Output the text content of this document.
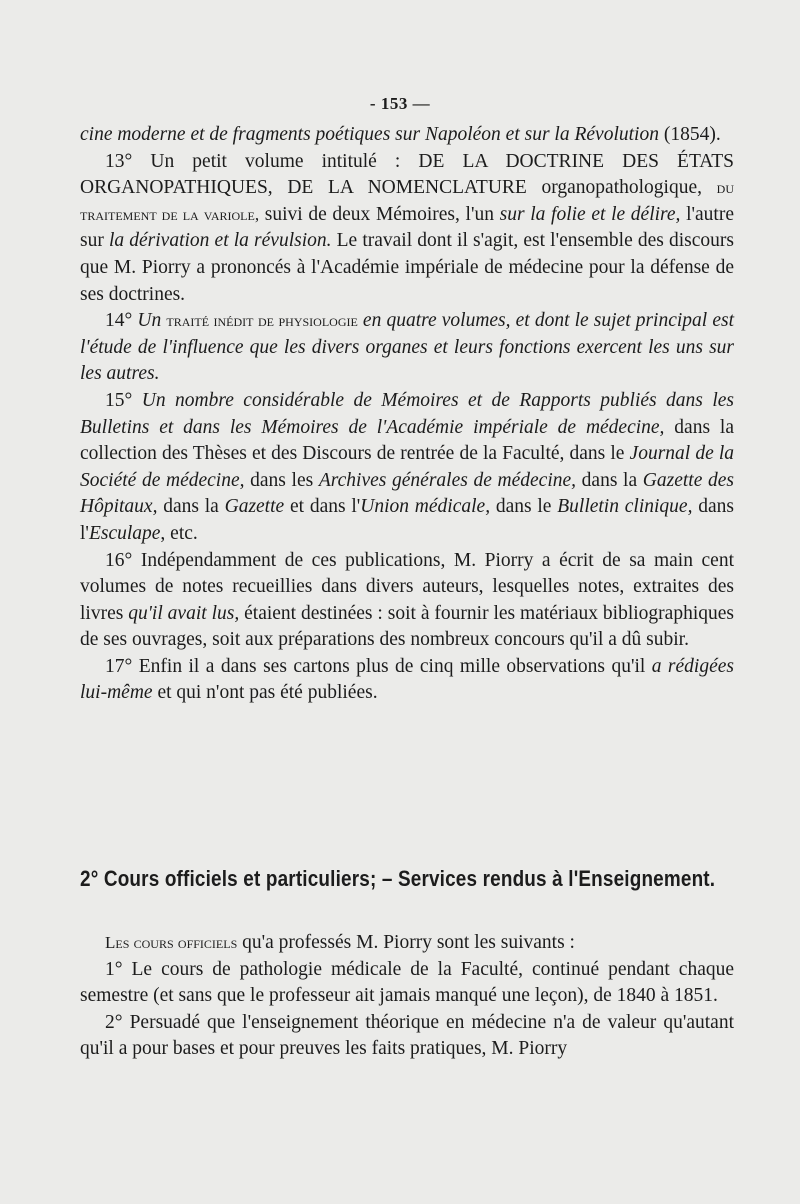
- 153 —

cine moderne et de fragments poétiques sur Napoléon et sur la Révolution (1854).

13° Un petit volume intitulé : DE LA DOCTRINE DES ÉTATS ORGANOPATHIQUES, DE LA NOMENCLATURE organopathologique, du traitement de la variole, suivi de deux Mémoires, l'un sur la folie et le délire, l'autre sur la dérivation et la révulsion. Le travail dont il s'agit, est l'ensemble des discours que M. Piorry a prononcés à l'Académie impériale de médecine pour la défense de ses doctrines.

14° Un traité inédit de physiologie en quatre volumes, et dont le sujet principal est l'étude de l'influence que les divers organes et leurs fonctions exercent les uns sur les autres.

15° Un nombre considérable de Mémoires et de Rapports publiés dans les Bulletins et dans les Mémoires de l'Académie impériale de médecine, dans la collection des Thèses et des Discours de rentrée de la Faculté, dans le Journal de la Société de médecine, dans les Archives générales de médecine, dans la Gazette des Hôpitaux, dans la Gazette et dans l'Union médicale, dans le Bulletin clinique, dans l'Esculape, etc.

16° Indépendamment de ces publications, M. Piorry a écrit de sa main cent volumes de notes recueillies dans divers auteurs, lesquelles notes, extraites des livres qu'il avait lus, étaient destinées : soit à fournir les matériaux bibliographiques de ses ouvrages, soit aux préparations des nombreux concours qu'il a dû subir.

17° Enfin il a dans ses cartons plus de cinq mille observations qu'il a rédigées lui-même et qui n'ont pas été publiées.

2° Cours officiels et particuliers; – Services rendus à l'Enseignement.

Les cours officiels qu'a professés M. Piorry sont les suivants :

1° Le cours de pathologie médicale de la Faculté, continué pendant chaque semestre (et sans que le professeur ait jamais manqué une leçon), de 1840 à 1851.

2° Persuadé que l'enseignement théorique en médecine n'a de valeur qu'autant qu'il a pour bases et pour preuves les faits pratiques, M. Piorry
